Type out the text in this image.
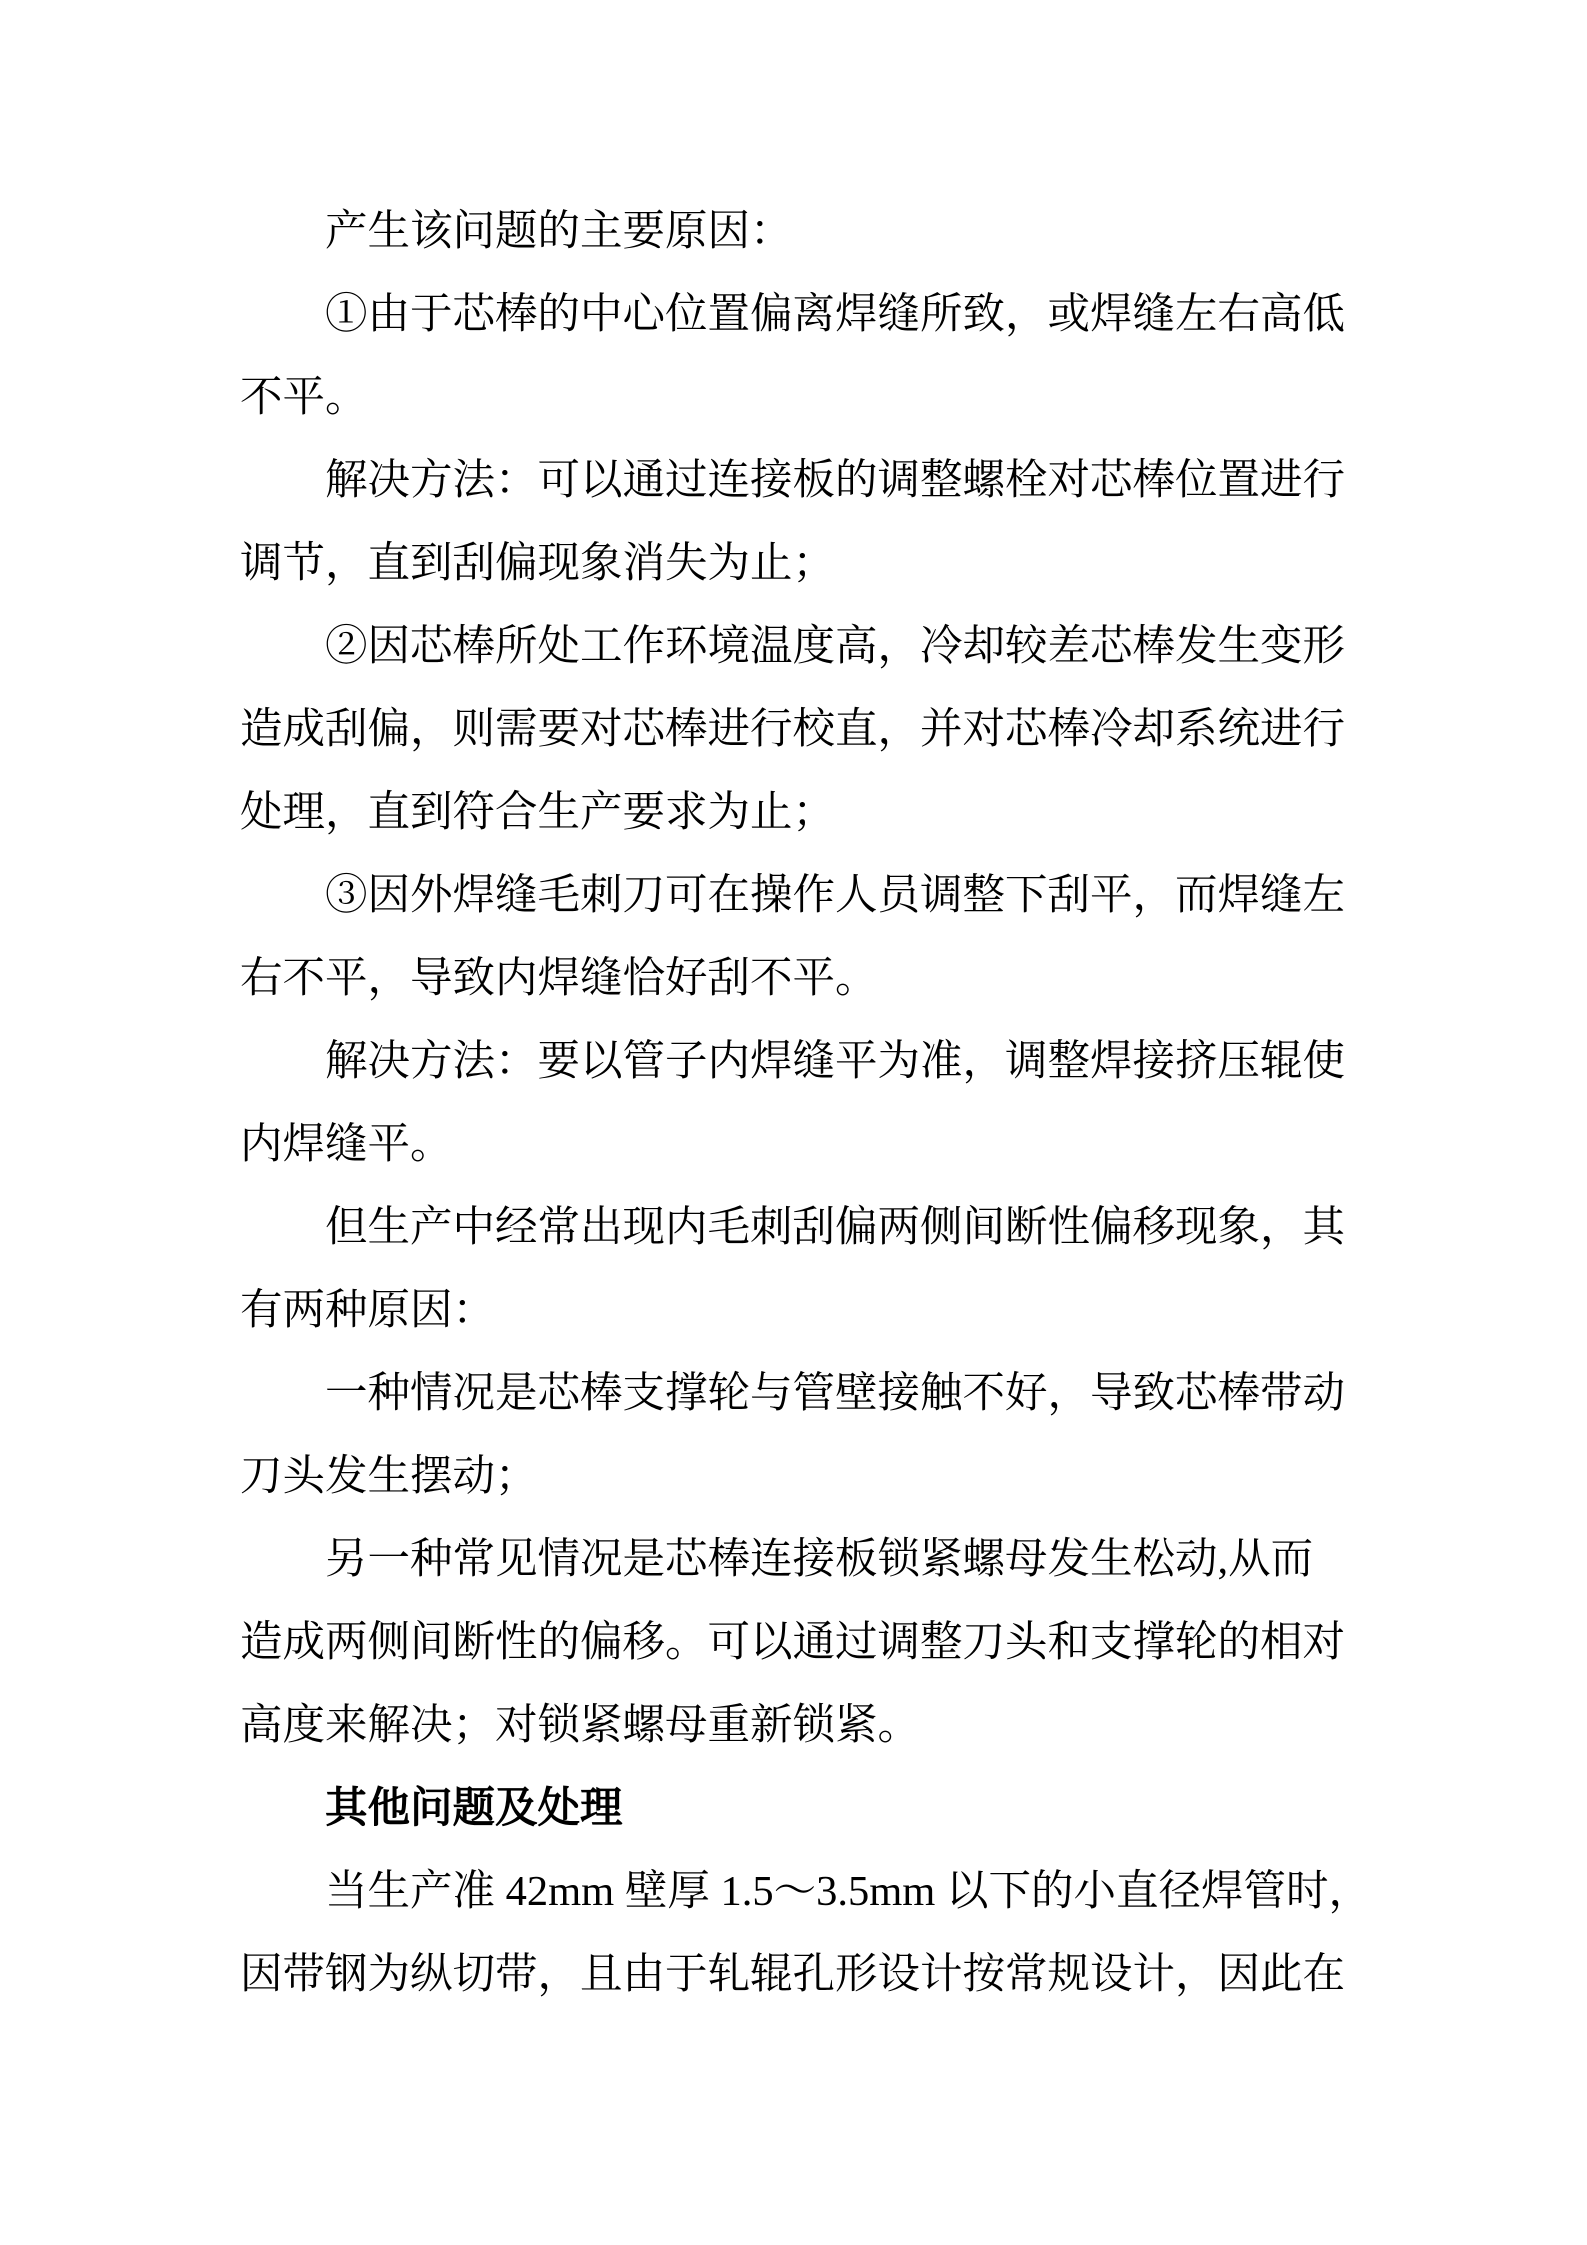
产生该问题的主要原因：
①由于芯棒的中心位置偏离焊缝所致，或焊缝左右高低
不平。
解决方法：可以通过连接板的调整螺栓对芯棒位置进行
调节，直到刮偏现象消失为止；
②因芯棒所处工作环境温度高，冷却较差芯棒发生变形
造成刮偏，则需要对芯棒进行校直，并对芯棒冷却系统进行
处理，直到符合生产要求为止；
③因外焊缝毛刺刀可在操作人员调整下刮平，而焊缝左
右不平，导致内焊缝恰好刮不平。
解决方法：要以管子内焊缝平为准，调整焊接挤压辊使
内焊缝平。
但生产中经常出现内毛刺刮偏两侧间断性偏移现象，其
有两种原因：
一种情况是芯棒支撑轮与管壁接触不好，导致芯棒带动
刀头发生摆动；
另一种常见情况是芯棒连接板锁紧螺母发生松动,从而
造成两侧间断性的偏移。可以通过调整刀头和支撑轮的相对
高度来解决；对锁紧螺母重新锁紧。
其他问题及处理
当生产准 42mm 壁厚 1.5～3.5mm 以下的小直径焊管时，
因带钢为纵切带，且由于轧辊孔形设计按常规设计，因此在
